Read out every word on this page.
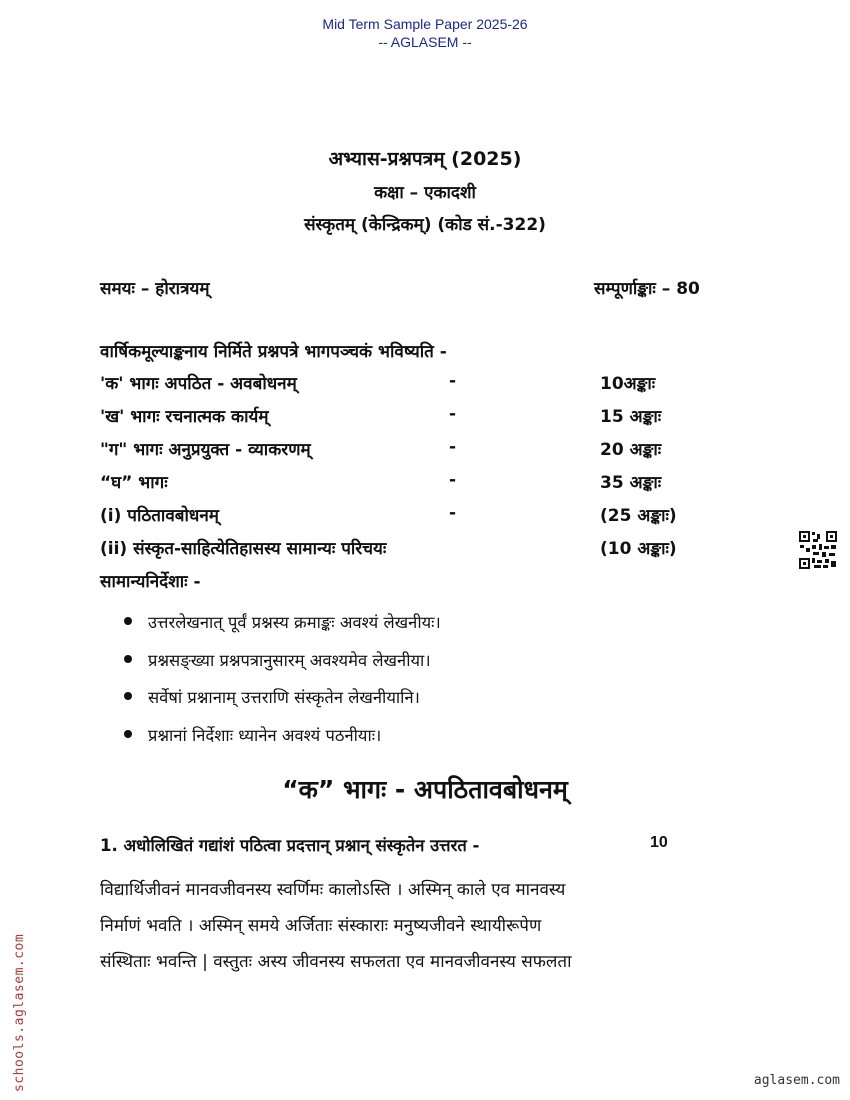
Mid Term Sample Paper 2025-26
-- AGLASEM --
अभ्यास-प्रश्नपत्रम् (2025)
कक्षा – एकादशी
संस्कृतम् (केन्द्रिकम्) (कोड सं.-322)
समयः – होरात्रयम्	सम्पूर्णाङ्काः – 80
वार्षिकमूल्याङ्कनाय निर्मिते प्रश्नपत्रे भागपञ्चकं भविष्यति -
'क' भागः अपठित - अवबोधनम्	-	10अङ्काः
'ख' भागः रचनात्मक कार्यम्	-	15 अङ्काः
"ग" भागः अनुप्रयुक्त - व्याकरणम्	-	20 अङ्काः
“घ” भागः	-	35 अङ्काः
(i) पठितावबोधनम्	-	(25 अङ्काः)
(ii) संस्कृत-साहित्येतिहासस्य सामान्यः परिचयः	(10 अङ्काः)
सामान्यनिर्देशाः -
उत्तरलेखनात् पूर्वं प्रश्नस्य क्रमाङ्कः अवश्यं लेखनीयः।
प्रश्नसङ्ख्या प्रश्नपत्रानुसारम् अवश्यमेव लेखनीया।
सर्वेषां प्रश्नानाम् उत्तराणि संस्कृतेन लेखनीयानि।
प्रश्नानां निर्देशाः ध्यानेन अवश्यं पठनीयाः।
“क” भागः - अपठितावबोधनम्
1. अधोलिखितं गद्यांशं पठित्वा प्रदत्तान् प्रश्नान् संस्कृतेन उत्तरत -	10
विद्यार्थिजीवनं मानवजीवनस्य स्वर्णिमः कालोऽस्ति । अस्मिन् काले एव मानवस्य
निर्माणं भवति । अस्मिन् समये अर्जिताः संस्काराः मनुष्यजीवने स्थायीरूपेण
संस्थिताः भवन्ति | वस्तुतः अस्य जीवनस्य सफलता एव मानवजीवनस्य सफलता
schools.aglasem.com	aglasem.com
